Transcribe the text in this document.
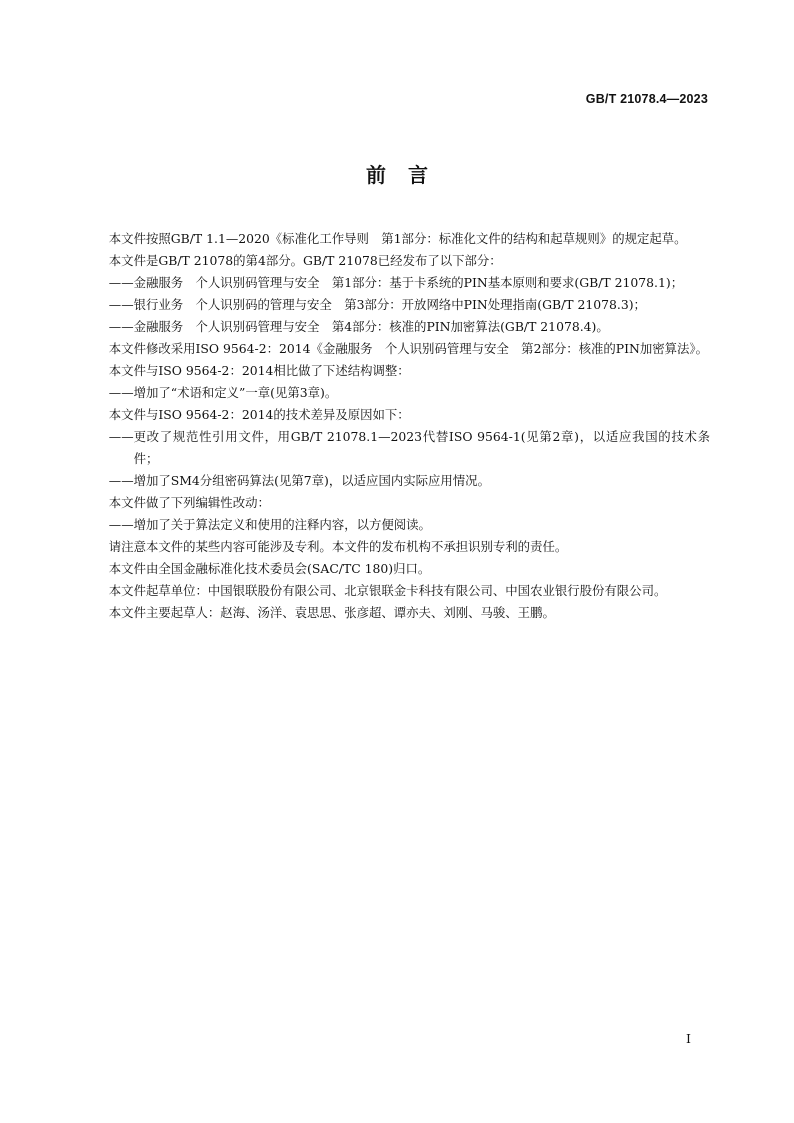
GB/T 21078.4—2023
前言

本文件按照GB/T 1.1—2020《标准化工作导则　第1部分：标准化文件的结构和起草规则》的规定起草。

本文件是GB/T 21078的第4部分。GB/T 21078已经发布了以下部分：

—— 金融服务　个人识别码管理与安全　第1部分：基于卡系统的PIN基本原则和要求(GB/T 21078.1)；
—— 银行业务　个人识别码的管理与安全　第3部分：开放网络中PIN处理指南(GB/T 21078.3)；
—— 金融服务　个人识别码管理与安全　第4部分：核准的PIN加密算法(GB/T 21078.4)。

本文件修改采用ISO 9564-2：2014《金融服务　个人识别码管理与安全　第2部分：核准的PIN加密算法》。

本文件与ISO 9564-2：2014相比做了下述结构调整：

—— 增加了“术语和定义”一章(见第3章)。

本文件与ISO 9564-2：2014的技术差异及原因如下：

—— 更改了规范性引用文件，用GB/T 21078.1—2023代替ISO 9564-1(见第2章)，以适应我国的技术条件；
—— 增加了SM4分组密码算法(见第7章)，以适应国内实际应用情况。

本文件做了下列编辑性改动：

—— 增加了关于算法定义和使用的注释内容，以方便阅读。

请注意本文件的某些内容可能涉及专利。本文件的发布机构不承担识别专利的责任。

本文件由全国金融标准化技术委员会(SAC/TC 180)归口。

本文件起草单位：中国银联股份有限公司、北京银联金卡科技有限公司、中国农业银行股份有限公司。

本文件主要起草人：赵海、汤洋、袁思思、张彦超、谭亦夫、刘刚、马骏、王鹏。

I
